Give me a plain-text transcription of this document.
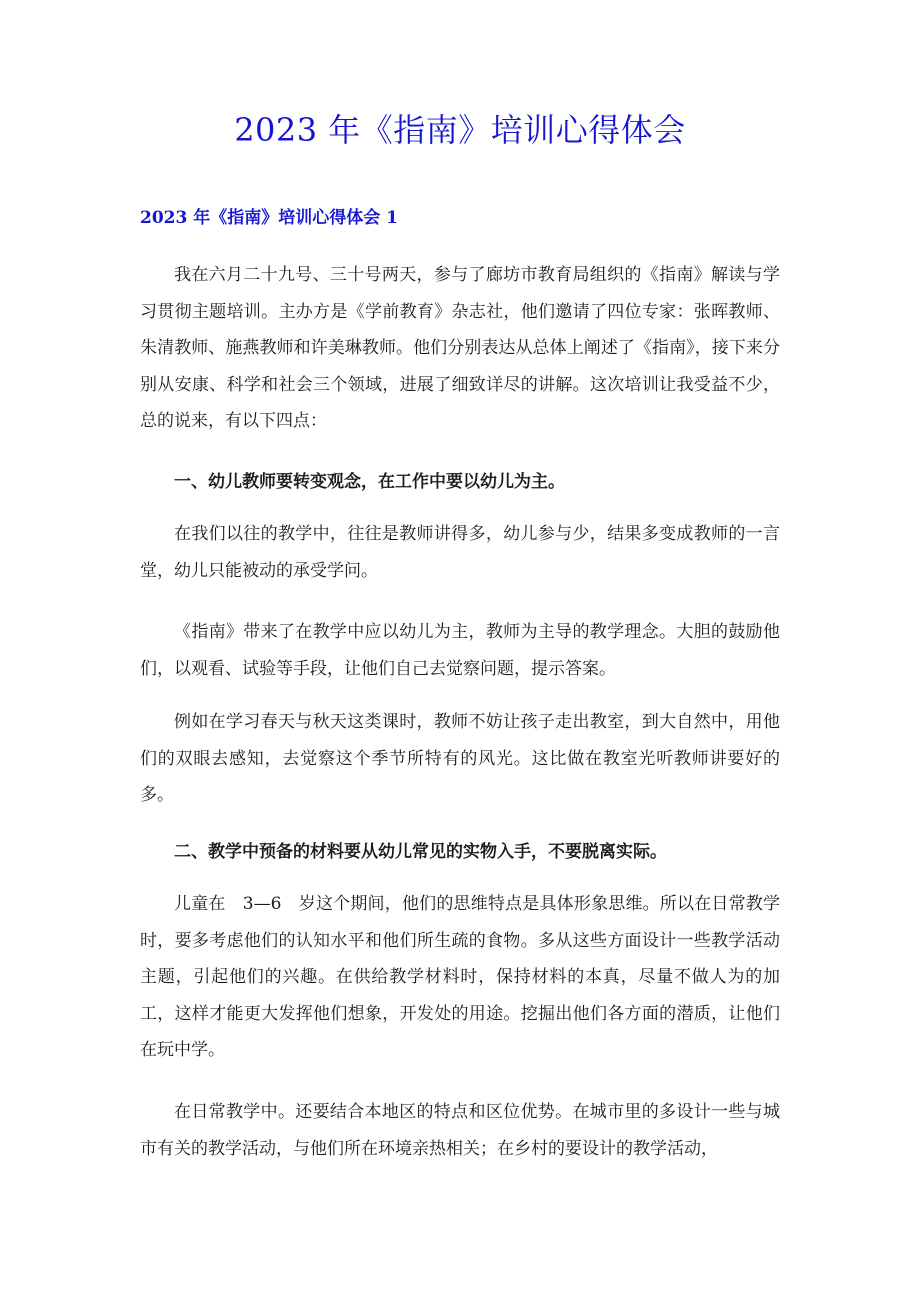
2023 年《指南》培训心得体会
2023 年《指南》培训心得体会 1

我在六月二十九号、三十号两天，参与了廊坊市教育局组织的《指南》解读与学习贯彻主题培训。主办方是《学前教育》杂志社，他们邀请了四位专家：张晖教师、朱清教师、施燕教师和许美琳教师。他们分别表达从总体上阐述了《指南》，接下来分别从安康、科学和社会三个领域，进展了细致详尽的讲解。这次培训让我受益不少，总的说来，有以下四点：

一、幼儿教师要转变观念，在工作中要以幼儿为主。

在我们以往的教学中，往往是教师讲得多，幼儿参与少，结果多变成教师的一言堂，幼儿只能被动的承受学问。

《指南》带来了在教学中应以幼儿为主，教师为主导的教学理念。大胆的鼓励他们，以观看、试验等手段，让他们自己去觉察问题，提示答案。

例如在学习春天与秋天这类课时，教师不妨让孩子走出教室，到大自然中，用他们的双眼去感知，去觉察这个季节所特有的风光。这比做在教室光听教师讲要好的多。

二、教学中预备的材料要从幼儿常见的实物入手，不要脱离实际。

儿童在　3—6　岁这个期间，他们的思维特点是具体形象思维。所以在日常教学时，要多考虑他们的认知水平和他们所生疏的食物。多从这些方面设计一些教学活动主题，引起他们的兴趣。在供给教学材料时，保持材料的本真，尽量不做人为的加工，这样才能更大发挥他们想象，开发处的用途。挖掘出他们各方面的潜质，让他们在玩中学。

在日常教学中。还要结合本地区的特点和区位优势。在城市里的多设计一些与城市有关的教学活动，与他们所在环境亲热相关；在乡村的要设计的教学活动，
